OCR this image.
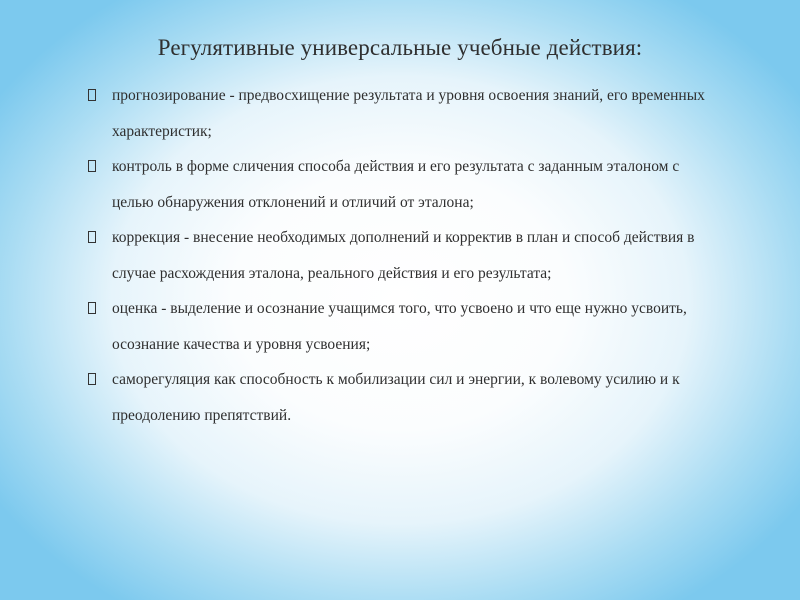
Регулятивные универсальные учебные действия:
прогнозирование - предвосхищение результата и уровня освоения знаний, его временных характеристик;
контроль в форме сличения способа действия и его результата с заданным эталоном с целью обнаружения отклонений и отличий от эталона;
коррекция - внесение необходимых дополнений и корректив в план и способ действия в случае расхождения эталона, реального действия и его результата;
оценка - выделение и осознание учащимся того, что усвоено и что еще нужно усвоить, осознание качества и уровня усвоения;
саморегуляция как способность к мобилизации сил и энергии, к волевому усилию и к преодолению препятствий.
